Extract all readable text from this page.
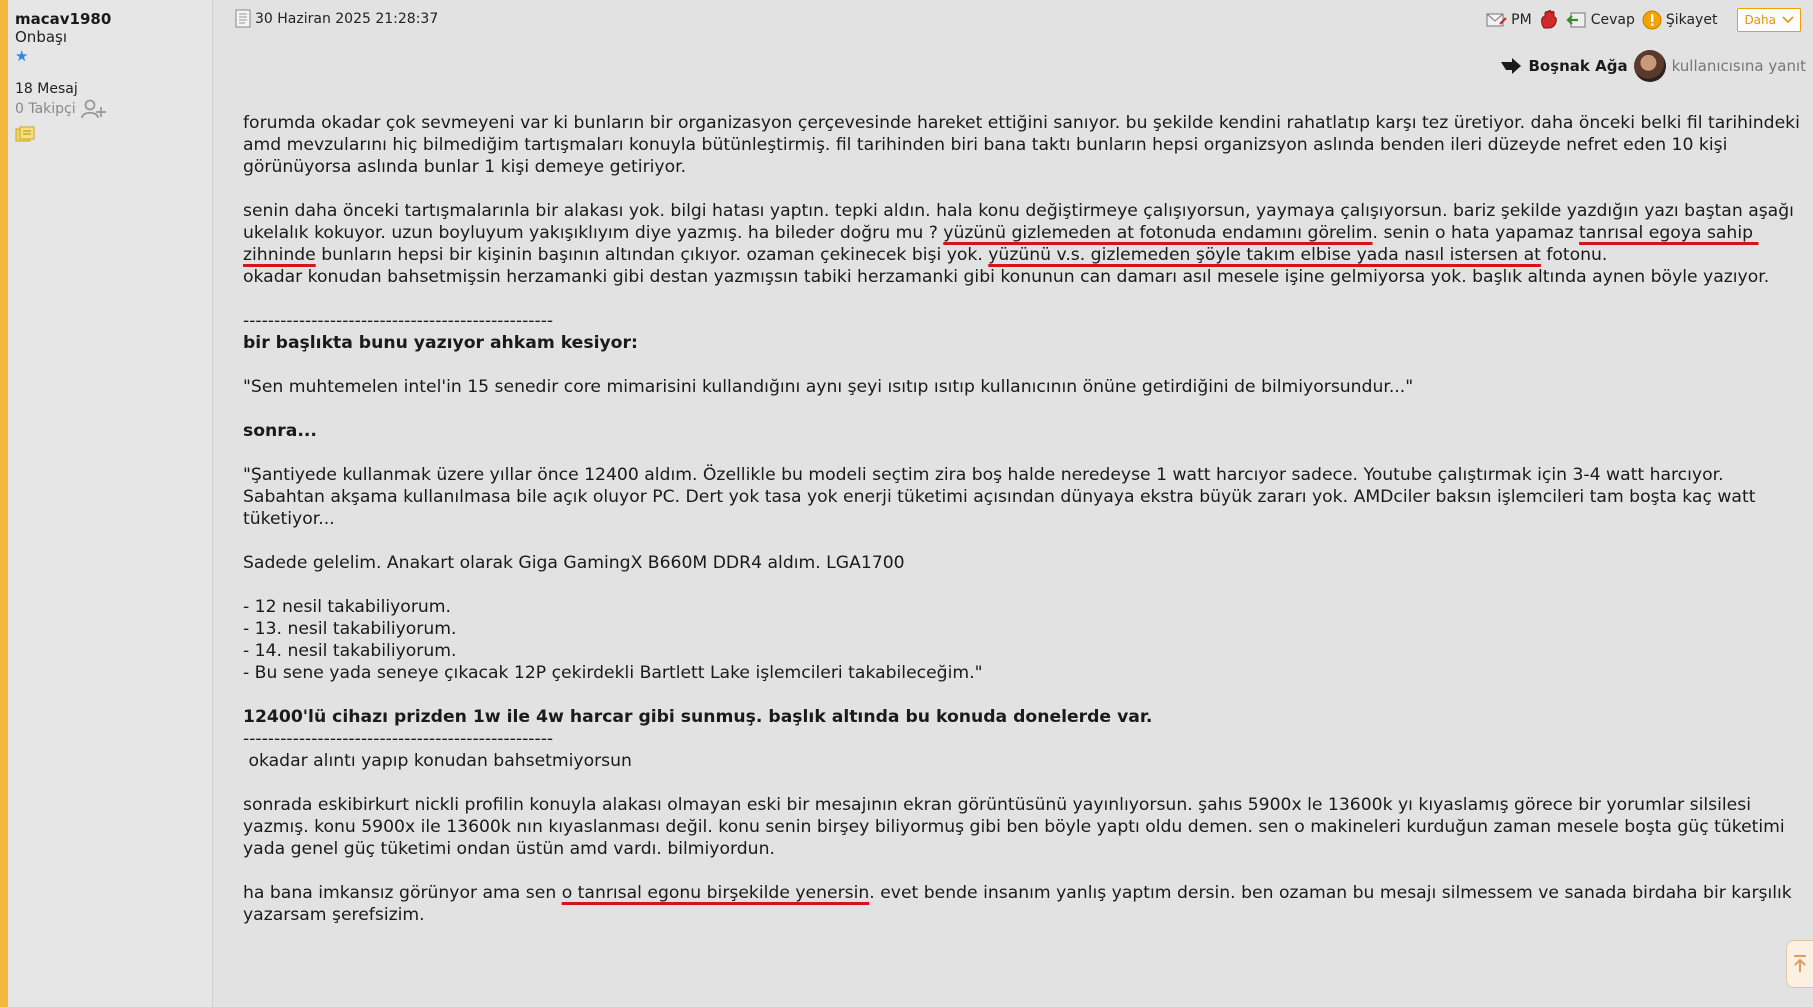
macav1980
Onbaşı
★
18 Mesaj
0 Takipçi
30 Haziran 2025 21:28:37	PM	Cevap Şikayet Daha
Boşnak Ağa	kullanıcısına yanıt

forumda okadar çok sevmeyeni var ki bunların bir organizasyon çerçevesinde hareket ettiğini sanıyor. bu şekilde kendini rahatlatıp karşı tez üretiyor. daha önceki belki fil tarihindeki amd mevzularını hiç bilmediğim tartışmaları konuyla bütünleştirmiş. fil tarihinden biri bana taktı bunların hepsi organizsyon aslında benden ileri düzeyde nefret eden 10 kişi görünüyorsa aslında bunlar 1 kişi demeye getiriyor.

senin daha önceki tartışmalarınla bir alakası yok. bilgi hatası yaptın. tepki aldın. hala konu değiştirmeye çalışıyorsun, yaymaya çalışıyorsun. bariz şekilde yazdığın yazı baştan aşağı ukelalık kokuyor. uzun boyluyum yakışıklıyım diye yazmış. ha bileder doğru mu ? yüzünü gizlemeden at fotonuda endamını görelim. senin o hata yapamaz tanrısal egoya sahip zihninde bunların hepsi bir kişinin başının altından çıkıyor. ozaman çekinecek bişi yok. yüzünü v.s. gizlemeden şöyle takım elbise yada nasıl istersen at fotonu.

okadar konudan bahsetmişsin herzamanki gibi destan yazmışsın tabiki herzamanki gibi konunun can damarı asıl mesele işine gelmiyorsa yok. başlık altında aynen böyle yazıyor.

--------------------------------------------------

bir başlıkta bunu yazıyor ahkam kesiyor:

"Sen muhtemelen intel'in 15 senedir core mimarisini kullandığını aynı şeyi ısıtıp ısıtıp kullanıcının önüne getirdiğini de bilmiyorsundur..."

sonra...

"Şantiyede kullanmak üzere yıllar önce 12400 aldım. Özellikle bu modeli seçtim zira boş halde neredeyse 1 watt harcıyor sadece. Youtube çalıştırmak için 3-4 watt harcıyor. Sabahtan akşama kullanılmasa bile açık oluyor PC. Dert yok tasa yok enerji tüketimi açısından dünyaya ekstra büyük zararı yok. AMDciler baksın işlemcileri tam boşta kaç watt tüketiyor...

Sadede gelelim. Anakart olarak Giga GamingX B660M DDR4 aldım. LGA1700

- 12 nesil takabiliyorum.

- 13. nesil takabiliyorum.

- 14. nesil takabiliyorum.

- Bu sene yada seneye çıkacak 12P çekirdekli Bartlett Lake işlemcileri takabileceğim."

12400'lü cihazı prizden 1w ile 4w harcar gibi sunmuş. başlık altında bu konuda donelerde var.

--------------------------------------------------

okadar alıntı yapıp konudan bahsetmiyorsun

sonrada eskibirkurt nickli profilin konuyla alakası olmayan eski bir mesajının ekran görüntüsünü yayınlıyorsun. şahıs 5900x le 13600k yı kıyaslamış görece bir yorumlar silsilesi yazmış. konu 5900x ile 13600k nın kıyaslanması değil. konu senin birşey biliyormuş gibi ben böyle yaptı oldu demen. sen o makineleri kurduğun zaman mesele boşta güç tüketimi yada genel güç tüketimi ondan üstün amd vardı. bilmiyordun.

ha bana imkansız görünyor ama sen o tanrısal egonu birşekilde yenersin. evet bende insanım yanlış yaptım dersin. ben ozaman bu mesajı silmessem ve sanada birdaha bir karşılık yazarsam şerefsizim.
